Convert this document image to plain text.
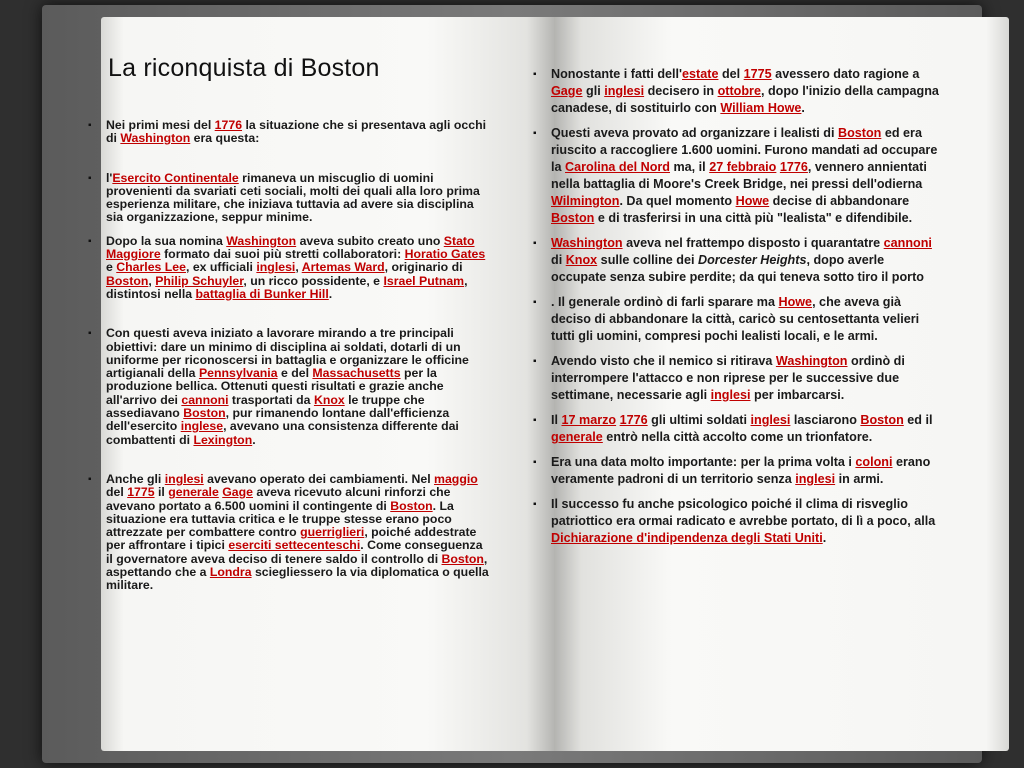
La riconquista di Boston
▪ Nei primi mesi del 1776 la situazione che si presentava agli occhi di Washington era questa:
▪ l'Esercito Continentale rimaneva un miscuglio di uomini provenienti da svariati ceti sociali, molti dei quali alla loro prima esperienza militare, che iniziava tuttavia ad avere sia disciplina sia organizzazione, seppur minime.
▪ Dopo la sua nomina Washington aveva subito creato uno Stato Maggiore formato dai suoi più stretti collaboratori: Horatio Gates e Charles Lee, ex ufficiali inglesi, Artemas Ward, originario di Boston, Philip Schuyler, un ricco possidente, e Israel Putnam, distintosi nella battaglia di Bunker Hill.
▪ Con questi aveva iniziato a lavorare mirando a tre principali obiettivi: dare un minimo di disciplina ai soldati, dotarli di un uniforme per riconoscersi in battaglia e organizzare le officine artigianali della Pennsylvania e del Massachusetts per la produzione bellica. Ottenuti questi risultati e grazie anche all'arrivo dei cannoni trasportati da Knox le truppe che assediavano Boston, pur rimanendo lontane dall'efficienza dell'esercito inglese, avevano una consistenza differente dai combattenti di Lexington.
▪ Anche gli inglesi avevano operato dei cambiamenti. Nel maggio del 1775 il generale Gage aveva ricevuto alcuni rinforzi che avevano portato a 6.500 uomini il contingente di Boston. La situazione era tuttavia critica e le truppe stesse erano poco attrezzate per combattere contro guerriglieri, poiché addestrate per affrontare i tipici eserciti settecenteschi. Come conseguenza il governatore aveva deciso di tenere saldo il controllo di Boston, aspettando che a Londra sciegliessero la via diplomatica o quella militare.
▪ Nonostante i fatti dell'estate del 1775 avessero dato ragione a Gage gli inglesi decisero in ottobre, dopo l'inizio della campagna canadese, di sostituirlo con William Howe.
▪ Questi aveva provato ad organizzare i lealisti di Boston ed era riuscito a raccogliere 1.600 uomini. Furono mandati ad occupare la Carolina del Nord ma, il 27 febbraio 1776, vennero annientati nella battaglia di Moore's Creek Bridge, nei pressi dell'odierna Wilmington. Da quel momento Howe decise di abbandonare Boston e di trasferirsi in una città più "lealista" e difendibile.
▪ Washington aveva nel frattempo disposto i quarantatre cannoni di Knox sulle colline dei Dorcester Heights, dopo averle occupate senza subire perdite; da qui teneva sotto tiro il porto
▪ . Il generale ordinò di farli sparare ma Howe, che aveva già deciso di abbandonare la città, caricò su centosettanta velieri tutti gli uomini, compresi pochi lealisti locali, e le armi.
▪ Avendo visto che il nemico si ritirava Washington ordinò di interrompere l'attacco e non riprese per le successive due settimane, necessarie agli inglesi per imbarcarsi.
▪ Il 17 marzo 1776 gli ultimi soldati inglesi lasciarono Boston ed il generale entrò nella città accolto come un trionfatore.
▪ Era una data molto importante: per la prima volta i coloni erano veramente padroni di un territorio senza inglesi in armi.
▪ Il successo fu anche psicologico poiché il clima di risveglio patriottico era ormai radicato e avrebbe portato, di lì a poco, alla Dichiarazione d'indipendenza degli Stati Uniti.
